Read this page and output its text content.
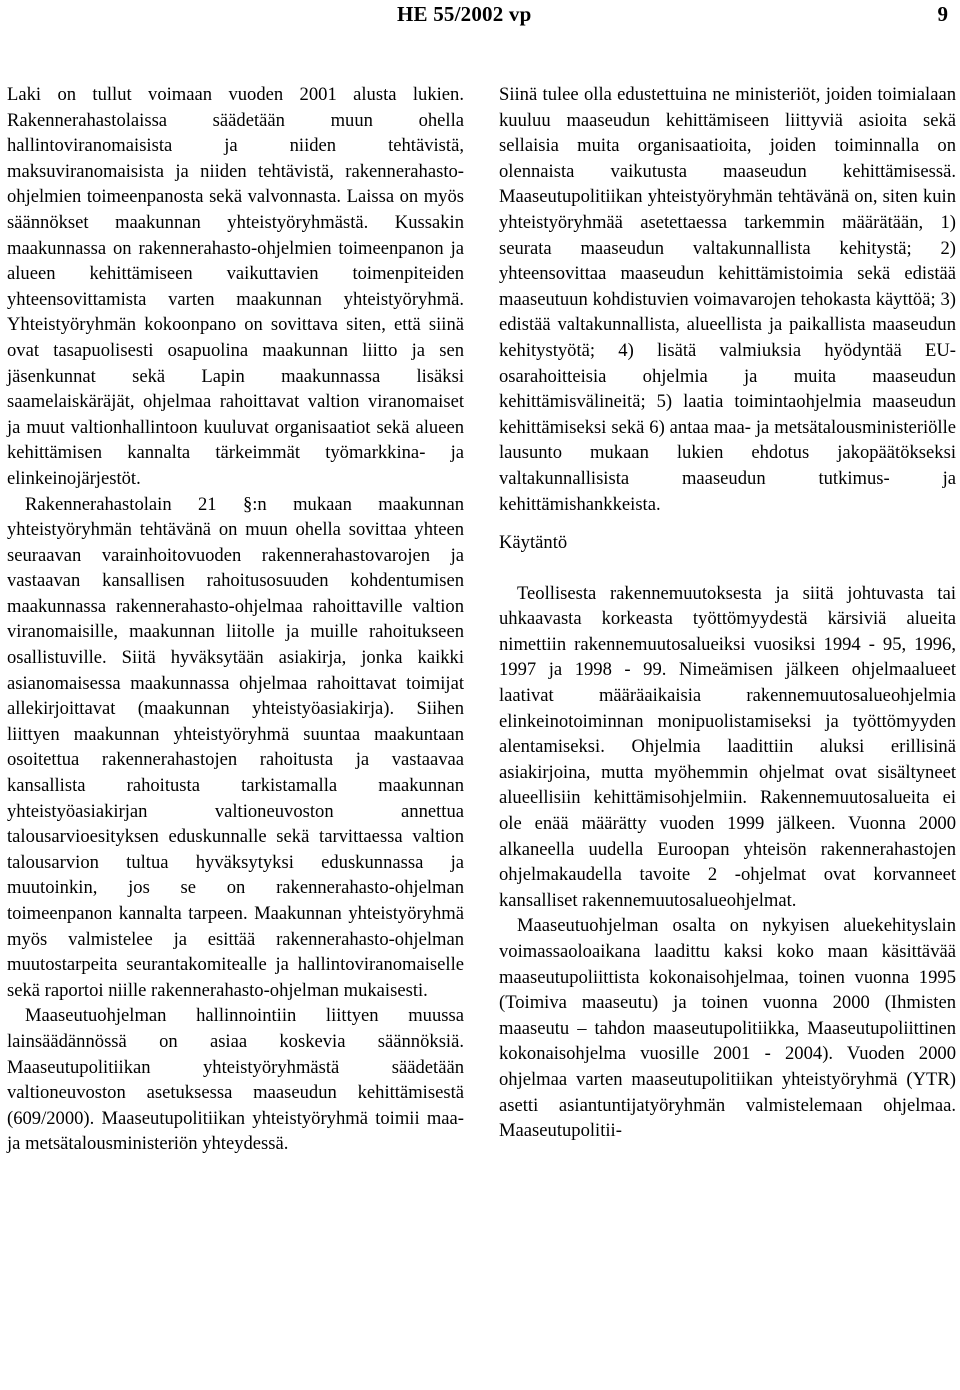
HE 55/2002 vp	9

Laki on tullut voimaan vuoden 2001 alusta lukien. Rakennerahastolaissa säädetään muun ohella hallintoviranomaisista ja niiden tehtävistä, maksuviranomaisista ja niiden tehtävistä, rakennerahasto-ohjelmien toimeenpanosta sekä valvonnasta. Laissa on myös säännökset maakunnan yhteistyöryhmästä. Kussakin maakunnassa on rakennerahasto-ohjelmien toimeenpanon ja alueen kehittämiseen vaikuttavien toimenpiteiden yhteensovittamista varten maakunnan yhteistyöryhmä. Yhteistyöryhmän kokoonpano on sovittava siten, että siinä ovat tasapuolisesti osapuolina maakunnan liitto ja sen jäsenkunnat sekä Lapin maakunnassa lisäksi saamelaiskäräjät, ohjelmaa rahoittavat valtion viranomaiset ja muut valtionhallintoon kuuluvat organisaatiot sekä alueen kehittämisen kannalta tärkeimmät työmarkkina- ja elinkeinojärjestöt.

Rakennerahastolain 21 §:n mukaan maakunnan yhteistyöryhmän tehtävänä on muun ohella sovittaa yhteen seuraavan varainhoitovuoden rakennerahastovarojen ja vastaavan kansallisen rahoitusosuuden kohdentumisen maakunnassa rakennerahasto-ohjelmaa rahoittaville valtion viranomaisille, maakunnan liitolle ja muille rahoitukseen osallistuville. Siitä hyväksytään asiakirja, jonka kaikki asianomaisessa maakunnassa ohjelmaa rahoittavat toimijat allekirjoittavat (maakunnan yhteistyöasiakirja). Siihen liittyen maakunnan yhteistyöryhmä suuntaa maakuntaan osoitettua rakennerahastojen rahoitusta ja vastaavaa kansallista rahoitusta tarkistamalla maakunnan yhteistyöasiakirjan valtioneuvoston annettua talousarvioesityksen eduskunnalle sekä tarvittaessa valtion talousarvion tultua hyväksytyksi eduskunnassa ja muutoinkin, jos se on rakennerahasto-ohjelman toimeenpanon kannalta tarpeen. Maakunnan yhteistyöryhmä myös valmistelee ja esittää rakennerahasto-ohjelman muutostarpeita seurantakomitealle ja hallintoviranomaiselle sekä raportoi niille rakennerahasto-ohjelman mukaisesti.

Maaseutuohjelman hallinnointiin liittyen muussa lainsäädännössä on asiaa koskevia säännöksiä. Maaseutupolitiikan yhteistyöryhmästä säädetään valtioneuvoston asetuksessa maaseudun kehittämisestä (609/2000). Maaseutupolitiikan yhteistyöryhmä toimii maa- ja metsätalousministeriön yhteydessä.

Siinä tulee olla edustettuina ne ministeriöt, joiden toimialaan kuuluu maaseudun kehittämiseen liittyviä asioita sekä sellaisia muita organisaatioita, joiden toiminnalla on olennaista vaikutusta maaseudun kehittämisessä. Maaseutupolitiikan yhteistyöryhmän tehtävänä on, siten kuin yhteistyöryhmää asetettaessa tarkemmin määrätään, 1) seurata maaseudun valtakunnallista kehitystä; 2) yhteensovittaa maaseudun kehittämistoimia sekä edistää maaseutuun kohdistuvien voimavarojen tehokasta käyttöä; 3) edistää valtakunnallista, alueellista ja paikallista maaseudun kehitystyötä; 4) lisätä valmiuksia hyödyntää EU-osarahoitteisia ohjelmia ja muita maaseudun kehittämisvälineitä; 5) laatia toimintaohjelmia maaseudun kehittämiseksi sekä 6) antaa maa- ja metsätalousministeriölle lausunto mukaan lukien ehdotus jakopäätökseksi valtakunnallisista maaseudun tutkimus- ja kehittämishankkeista.

Käytäntö

Teollisesta rakennemuutoksesta ja siitä johtuvasta tai uhkaavasta korkeasta työttömyydestä kärsiviä alueita nimettiin rakennemuutosalueiksi vuosiksi 1994 - 95, 1996, 1997 ja 1998 - 99. Nimeämisen jälkeen ohjelmaalueet laativat määräaikaisia rakennemuutosalueohjelmia elinkeinotoiminnan monipuolistamiseksi ja työttömyyden alentamiseksi. Ohjelmia laadittiin aluksi erillisinä asiakirjoina, mutta myöhemmin ohjelmat ovat sisältyneet alueellisiin kehittämisohjelmiin. Rakennemuutosalueita ei ole enää määrätty vuoden 1999 jälkeen. Vuonna 2000 alkaneella uudella Euroopan yhteisön rakennerahastojen ohjelmakaudella tavoite 2 -ohjelmat ovat korvanneet kansalliset rakennemuutosalueohjelmat.

Maaseutuohjelman osalta on nykyisen aluekehityslain voimassaoloaikana laadittu kaksi koko maan käsittävää maaseutupoliittista kokonaisohjelmaa, toinen vuonna 1995 (Toimiva maaseutu) ja toinen vuonna 2000 (Ihmisten maaseutu – tahdon maaseutupolitiikka, Maaseutupoliittinen kokonaisohjelma vuosille 2001 - 2004). Vuoden 2000 ohjelmaa varten maaseutupolitiikan yhteistyöryhmä (YTR) asetti asiantuntijatyöryhmän valmistelemaan ohjelmaa. Maaseutupolitii-
